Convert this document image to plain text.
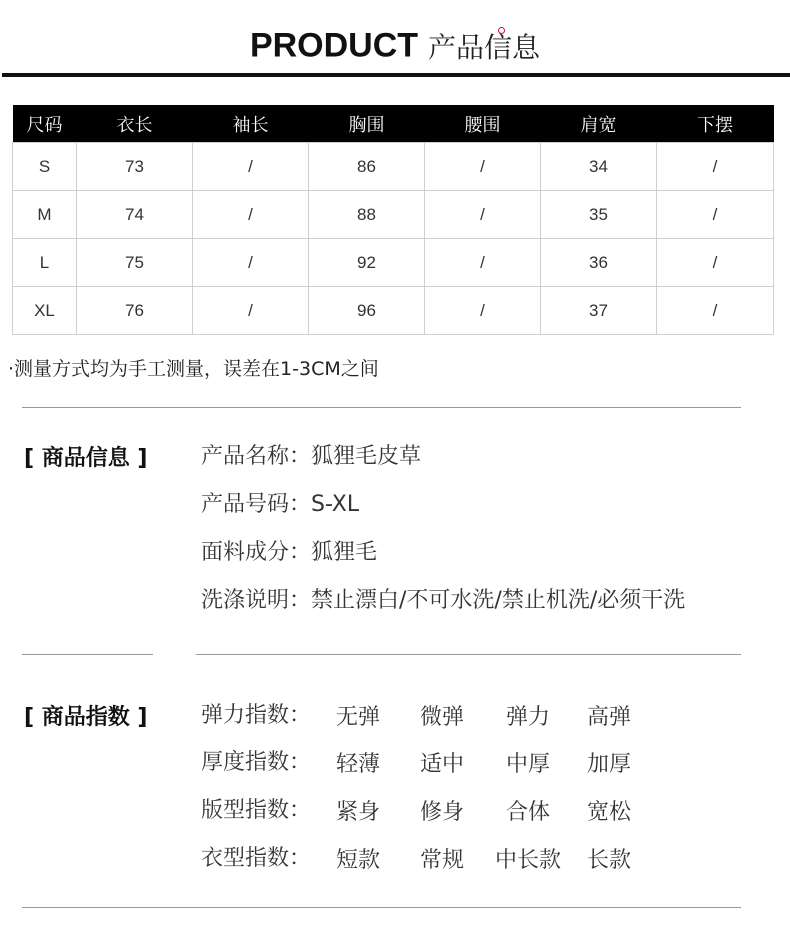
PRODUCT 产品信息
尺码	衣长	袖长	胸围	腰围	肩宽	下摆
S	73	/	86	/	34	/
M	74	/	88	/	35	/
L	75	/	92	/	36	/
XL	76	/	96	/	37	/
·测量方式均为手工测量，误差在1-3CM之间
[ 商品信息 ] 产品名称：狐狸毛皮草
产品号码：S-XL
面料成分：狐狸毛
洗涤说明：禁止漂白/不可水洗/禁止机洗/必须干洗
[ 商品指数 ] 弹力指数： 无弹 微弹 弹力 高弹
厚度指数： 轻薄 适中 中厚 加厚
版型指数： 紧身 修身 合体 宽松
衣型指数： 短款 常规 中长款 长款
